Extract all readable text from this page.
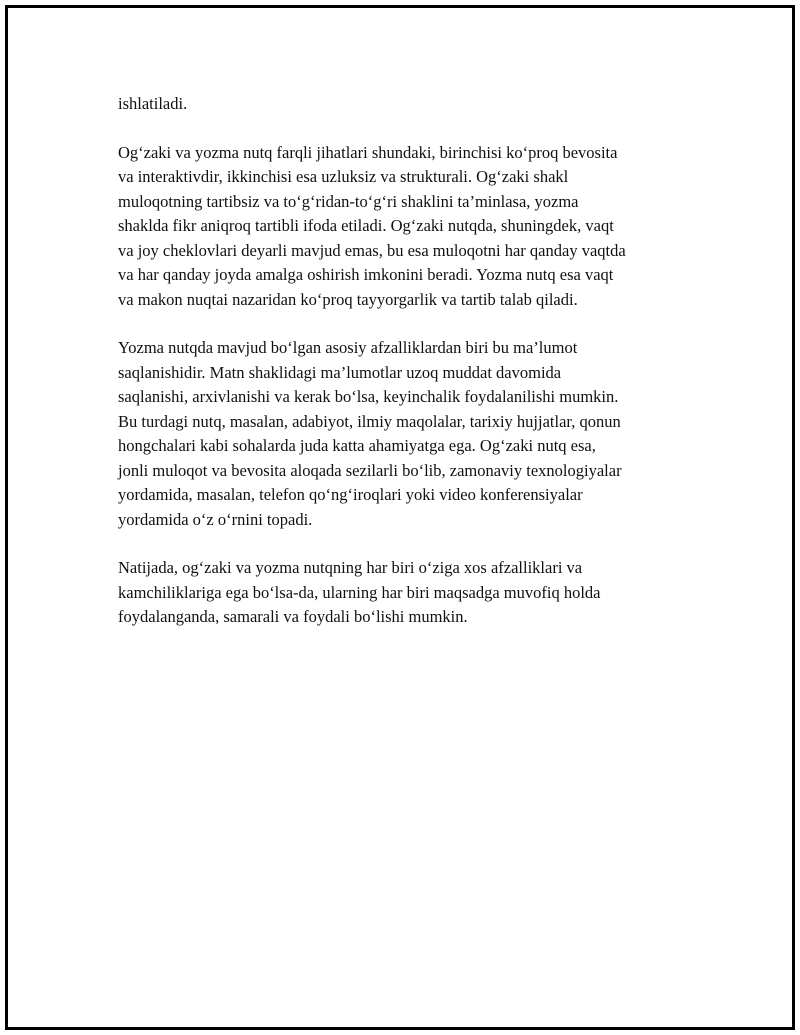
ishlatiladi.

Og‘zaki va yozma nutq farqli jihatlari shundaki, birinchisi ko‘proq bevosita
va interaktivdir, ikkinchisi esa uzluksiz va strukturali. Og‘zaki shakl
muloqotning tartibsiz va to‘g‘ridan-to‘g‘ri shaklini ta’minlasa, yozma
shaklda fikr aniqroq tartibli ifoda etiladi. Og‘zaki nutqda, shuningdek, vaqt
va joy cheklovlari deyarli mavjud emas, bu esa muloqotni har qanday vaqtda
va har qanday joyda amalga oshirish imkonini beradi. Yozma nutq esa vaqt
va makon nuqtai nazaridan ko‘proq tayyorgarlik va tartib talab qiladi.

Yozma nutqda mavjud bo‘lgan asosiy afzalliklardan biri bu ma’lumot
saqlanishidir. Matn shaklidagi ma’lumotlar uzoq muddat davomida
saqlanishi, arxivlanishi va kerak bo‘lsa, keyinchalik foydalanilishi mumkin.
Bu turdagi nutq, masalan, adabiyot, ilmiy maqolalar, tarixiy hujjatlar, qonun
hongchalari kabi sohalarda juda katta ahamiyatga ega. Og‘zaki nutq esa,
jonli muloqot va bevosita aloqada sezilarli bo‘lib, zamonaviy texnologiyalar
yordamida, masalan, telefon qo‘ng‘iroqlari yoki video konferensiyalar
yordamida o‘z o‘rnini topadi.

Natijada, og‘zaki va yozma nutqning har biri o‘ziga xos afzalliklari va
kamchiliklariga ega bo‘lsa-da, ularning har biri maqsadga muvofiq holda
foydalanganda, samarali va foydali bo‘lishi mumkin.
